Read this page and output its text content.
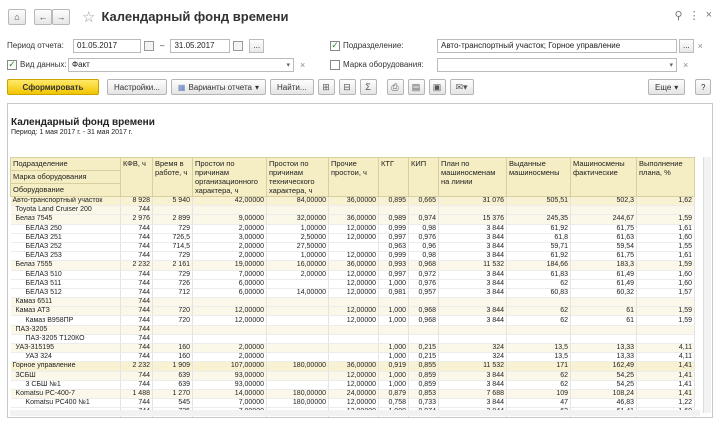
⌂ ← → ☆ Календарный фонд времени	⚲ ⋮ ×
Период отчета:	01.05.2017	– 31.05.2017	...	✓ Подразделение:	Авто-транспортный участок; Горное управление	... ×
✓ Вид данных: Факт	▾ ×	Марка оборудования:	▾ ×
Сформировать	Настройки...	▦ Варианты отчета ▾	Найти...	⊞	⊟	Σ	⎙	▤	▣	✉▾	Еще ▾	?
Календарный фонд времени
Период: 1 мая 2017 г. - 31 мая 2017 г.
Подразделение	КФВ, ч	Время в работе, ч	Простои по причинам организационного характера, ч	Простои по причинам технического характера, ч	Прочие простои, ч	КТГ	КИП	План по машиносменам на линии	Выданные машиносмены	Машиносмены фактические	Выполнение плана, %
Марка оборудования											
Оборудование											
Авто-транспортный участок	8 928	5 940	42,00000	84,00000	36,00000	0,895	0,665	31 076	505,51	502,3	1,62
Toyota Land Cruiser 200	744										
Белаз 7545	2 976	2 899	9,00000	32,00000	36,00000	0,989	0,974	15 376	245,35	244,67	1,59
БЕЛАЗ 250	744	729	2,00000	1,00000	12,00000	0,999	0,98	3 844	61,92	61,75	1,61
БЕЛАЗ 251	744	726,5	3,00000	2,50000	12,00000	0,997	0,976	3 844	61,8	61,63	1,60
БЕЛАЗ 252	744	714,5	2,00000	27,50000		0,963	0,96	3 844	59,71	59,54	1,55
БЕЛАЗ 253	744	729	2,00000	1,00000	12,00000	0,999	0,98	3 844	61,92	61,75	1,61
Белаз 7555	2 232	2 161	19,00000	16,00000	36,00000	0,993	0,968	11 532	184,66	183,3	1,59
БЕЛАЗ 510	744	729	7,00000	2,00000	12,00000	0,997	0,972	3 844	61,83	61,49	1,60
БЕЛАЗ 511	744	726	6,00000		12,00000	1,000	0,976	3 844	62	61,49	1,60
БЕЛАЗ 512	744	712	6,00000	14,00000	12,00000	0,981	0,957	3 844	60,83	60,32	1,57
Камаз 6511	744										
Камаз АТЗ	744	720	12,00000		12,00000	1,000	0,968	3 844	62	61	1,59
Камаз В958ПР	744	720	12,00000		12,00000	1,000	0,968	3 844	62	61	1,59
ПАЗ-3205	744										
ПАЗ-3205 Т120КО	744										
УАЗ-315195	744	160	2,00000			1,000	0,215	324	13,5	13,33	4,11
УАЗ 324	744	160	2,00000			1,000	0,215	324	13,5	13,33	4,11
Горное управление	2 232	1 909	107,00000	180,00000	36,00000	0,919	0,855	11 532	171	162,49	1,41
ЗСБШ	744	639	93,00000		12,00000	1,000	0,859	3 844	62	54,25	1,41
3 СБШ №1	744	639	93,00000		12,00000	1,000	0,859	3 844	62	54,25	1,41
Komatsu PC-400-7	1 488	1 270	14,00000	180,00000	24,00000	0,879	0,853	7 688	109	108,24	1,41
Komatsu PC400 №1	744	545	7,00000	180,00000	12,00000	0,758	0,733	3 844	47	46,83	1,22
